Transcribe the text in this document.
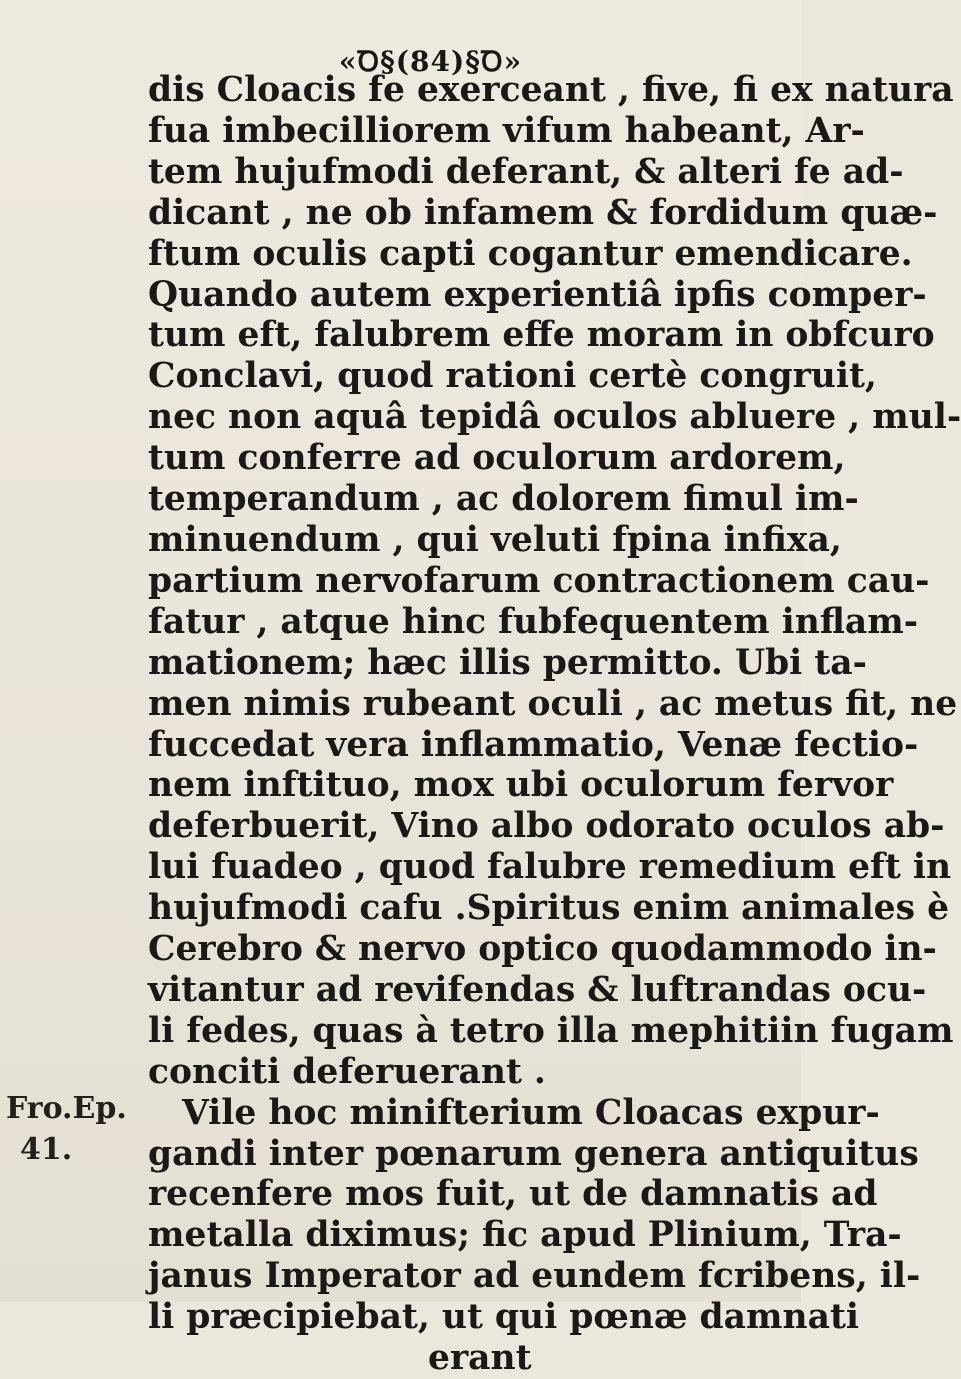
«Ꝺ§(84)§Ꝺ»
dis Cloacis fe exerceant , five, fi ex natura
fua imbecilliorem vifum habeant, Ar-
tem hujufmodi deferant, & alteri fe ad-
dicant , ne ob infamem & fordidum quæ-
ftum oculis capti cogantur emendicare.
Quando autem experientiâ ipfis comper-
tum eft, falubrem effe moram in obfcuro
Conclavi, quod rationi certè congruit,
nec non aquâ tepidâ oculos abluere , mul-
tum conferre ad oculorum ardorem,
temperandum , ac dolorem fimul im-
minuendum , qui veluti fpina infixa,
partium nervofarum contractionem cau-
fatur , atque hinc fubfequentem inflam-
mationem; hæc illis permitto. Ubi ta-
men nimis rubeant oculi , ac metus fit, ne
fuccedat vera inflammatio, Venæ fectio-
nem inftituo, mox ubi oculorum fervor
deferbuerit, Vino albo odorato oculos ab-
lui fuadeo , quod falubre remedium eft in
hujufmodi cafu .Spiritus enim animales è
Cerebro & nervo optico quodammodo in-
vitantur ad revifendas & luftrandas ocu-
li fedes, quas à tetro illa mephitiin fugam
conciti deferuerant .
Vile hoc minifterium Cloacas expur-
gandi inter pœnarum genera antiquitus
recenfere mos fuit, ut de damnatis ad
metalla diximus; fic apud Plinium, Tra-
janus Imperator ad eundem fcribens, il-
li præcipiebat, ut qui pœnæ damnati
erant
Fro.Ep.
41.
